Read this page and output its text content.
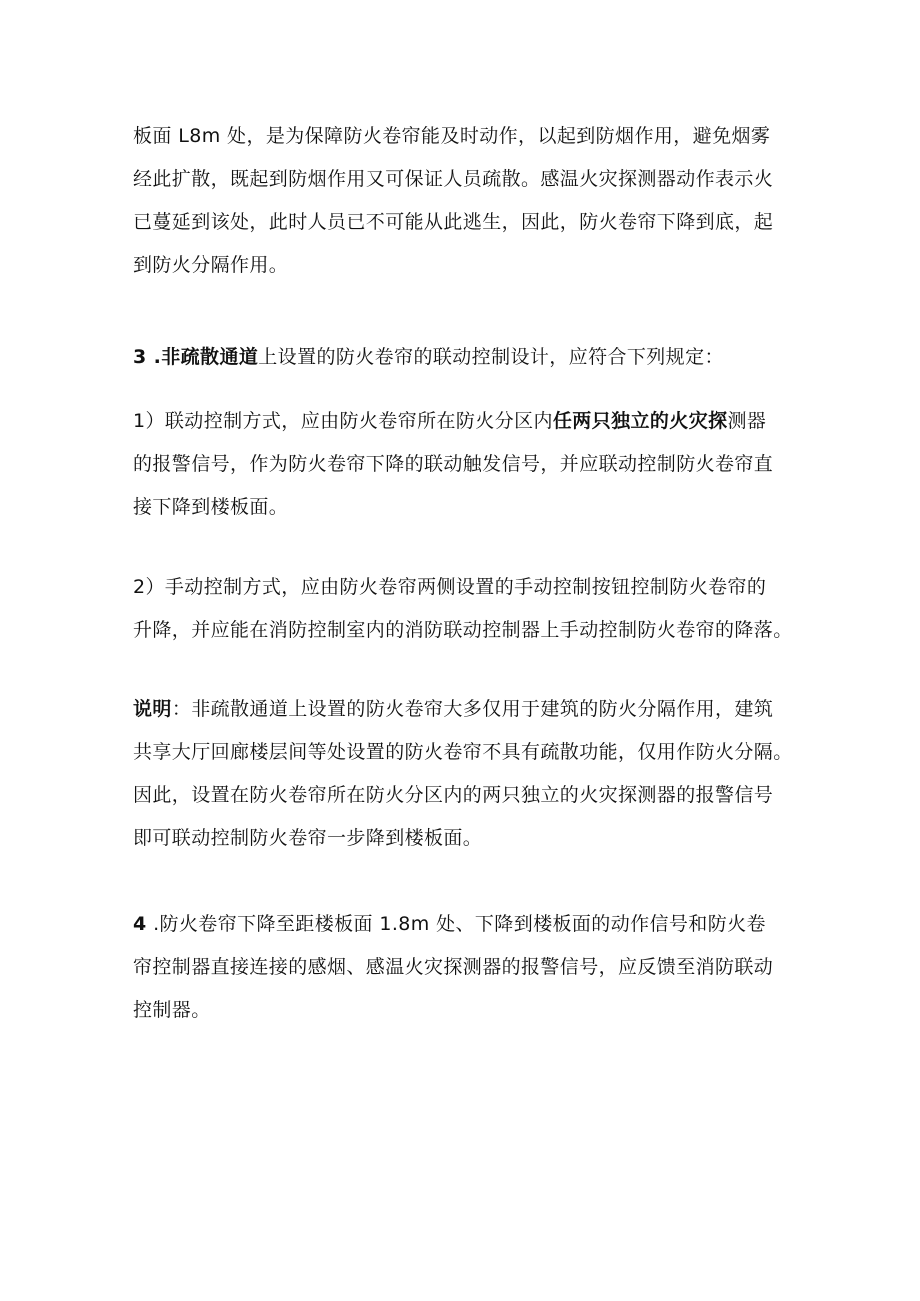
板面 L8m 处，是为保障防火卷帘能及时动作，以起到防烟作用，避免烟雾
经此扩散，既起到防烟作用又可保证人员疏散。感温火灾探测器动作表示火
已蔓延到该处，此时人员已不可能从此逃生，因此，防火卷帘下降到底，起
到防火分隔作用。
3 .非疏散通道上设置的防火卷帘的联动控制设计，应符合下列规定：
1）联动控制方式，应由防火卷帘所在防火分区内任两只独立的火灾探测器
的报警信号，作为防火卷帘下降的联动触发信号，并应联动控制防火卷帘直
接下降到楼板面。
2）手动控制方式，应由防火卷帘两侧设置的手动控制按钮控制防火卷帘的
升降，并应能在消防控制室内的消防联动控制器上手动控制防火卷帘的降落。
说明：非疏散通道上设置的防火卷帘大多仅用于建筑的防火分隔作用，建筑
共享大厅回廊楼层间等处设置的防火卷帘不具有疏散功能，仅用作防火分隔。
因此，设置在防火卷帘所在防火分区内的两只独立的火灾探测器的报警信号
即可联动控制防火卷帘一步降到楼板面。
4 .防火卷帘下降至距楼板面 1.8m 处、下降到楼板面的动作信号和防火卷
帘控制器直接连接的感烟、感温火灾探测器的报警信号，应反馈至消防联动
控制器。
